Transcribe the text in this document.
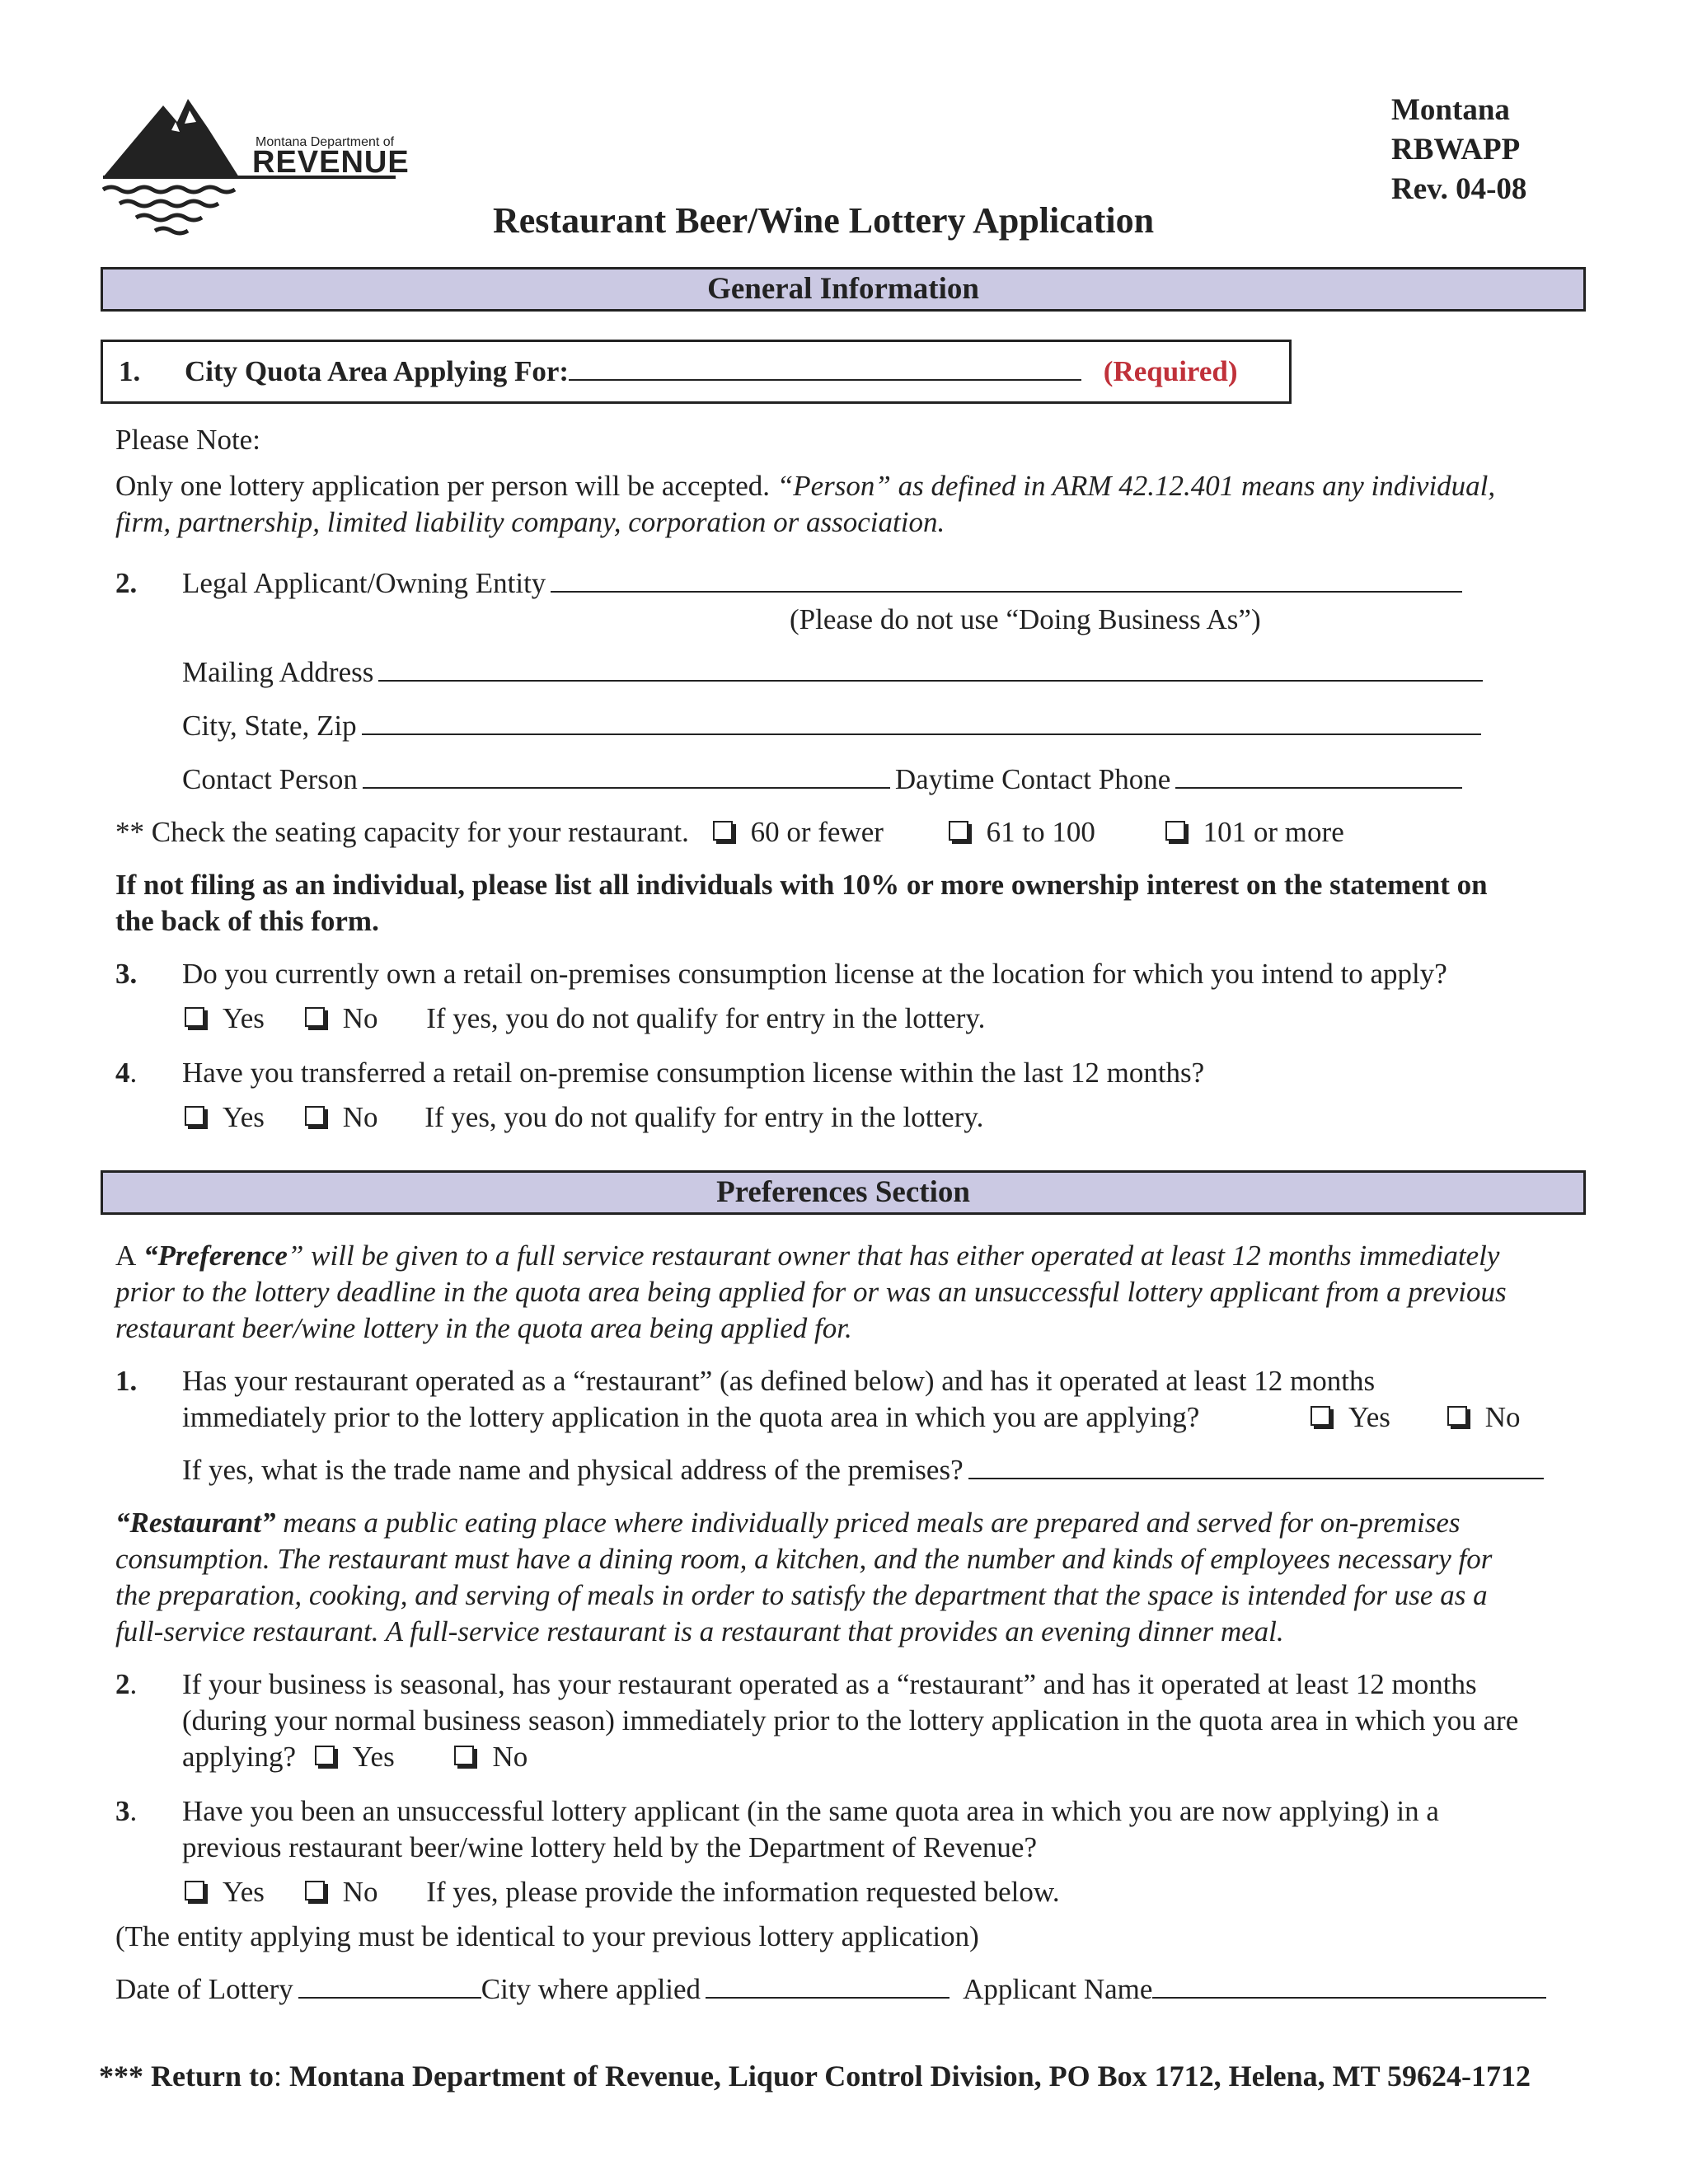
Montana Department of
REVENUE
Montana
RBWAPP
Rev. 04-08
Restaurant Beer/Wine Lottery Application
General Information
1. City Quota Area Applying For:	(Required)
Please Note:
Only one lottery application per person will be accepted. “Person” as defined in ARM 42.12.401 means any individual,
firm, partnership, limited liability company, corporation or association.
2. Legal Applicant/Owning Entity
(Please do not use “Doing Business As”)
Mailing Address
City, State, Zip
Contact Person	Daytime Contact Phone
** Check the seating capacity for your restaurant. 60 or fewer	61 to 100	101 or more
If not filing as an individual, please list all individuals with 10% or more ownership interest on the statement on
the back of this form.
3. Do you currently own a retail on-premises consumption license at the location for which you intend to apply?
Yes	No If yes, you do not qualify for entry in the lottery.
4. Have you transferred a retail on-premise consumption license within the last 12 months?
Yes	No If yes, you do not qualify for entry in the lottery.
Preferences Section
A “Preference” will be given to a full service restaurant owner that has either operated at least 12 months immediately
prior to the lottery deadline in the quota area being applied for or was an unsuccessful lottery applicant from a previous
restaurant beer/wine lottery in the quota area being applied for.
1. Has your restaurant operated as a “restaurant” (as defined below) and has it operated at least 12 months
immediately prior to the lottery application in the quota area in which you are applying?	Yes	No
If yes, what is the trade name and physical address of the premises?
“Restaurant” means a public eating place where individually priced meals are prepared and served for on-premises
consumption. The restaurant must have a dining room, a kitchen, and the number and kinds of employees necessary for
the preparation, cooking, and serving of meals in order to satisfy the department that the space is intended for use as a
full-service restaurant. A full-service restaurant is a restaurant that provides an evening dinner meal.
2. If your business is seasonal, has your restaurant operated as a “restaurant” and has it operated at least 12 months
(during your normal business season) immediately prior to the lottery application in the quota area in which you are
applying? Yes	No
3. Have you been an unsuccessful lottery applicant (in the same quota area in which you are now applying) in a
previous restaurant beer/wine lottery held by the Department of Revenue?
Yes	No If yes, please provide the information requested below.
(The entity applying must be identical to your previous lottery application)
Date of Lottery	City where applied	Applicant Name
*** Return to: Montana Department of Revenue, Liquor Control Division, PO Box 1712, Helena, MT 59624-1712
